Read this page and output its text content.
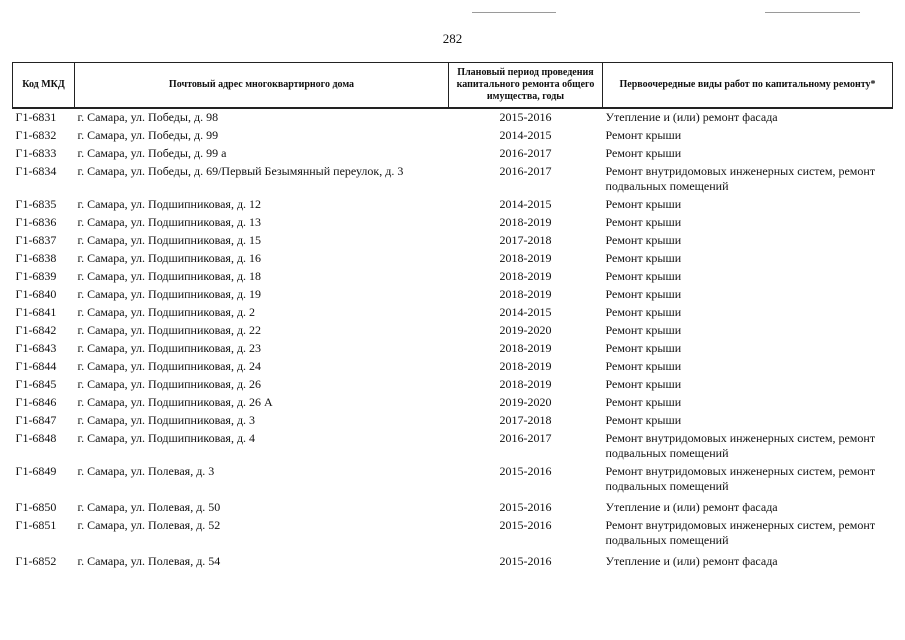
282
Код МКД	Почтовый адрес многоквартирного дома	Плановый период проведения капитального ремонта общего имущества, годы	Первоочередные виды работ по капитальному ремонту*
Г1-6831	г. Самара, ул. Победы, д. 98	2015-2016	Утепление и (или) ремонт фасада
Г1-6832	г. Самара, ул. Победы, д. 99	2014-2015	Ремонт крыши
Г1-6833	г. Самара, ул. Победы, д. 99 а	2016-2017	Ремонт крыши
Г1-6834	г. Самара, ул. Победы, д. 69/Первый Безымянный переулок, д. 3	2016-2017	Ремонт внутридомовых инженерных систем, ремонт подвальных помещений
Г1-6835	г. Самара, ул. Подшипниковая, д. 12	2014-2015	Ремонт крыши
Г1-6836	г. Самара, ул. Подшипниковая, д. 13	2018-2019	Ремонт крыши
Г1-6837	г. Самара, ул. Подшипниковая, д. 15	2017-2018	Ремонт крыши
Г1-6838	г. Самара, ул. Подшипниковая, д. 16	2018-2019	Ремонт крыши
Г1-6839	г. Самара, ул. Подшипниковая, д. 18	2018-2019	Ремонт крыши
Г1-6840	г. Самара, ул. Подшипниковая, д. 19	2018-2019	Ремонт крыши
Г1-6841	г. Самара, ул. Подшипниковая, д. 2	2014-2015	Ремонт крыши
Г1-6842	г. Самара, ул. Подшипниковая, д. 22	2019-2020	Ремонт крыши
Г1-6843	г. Самара, ул. Подшипниковая, д. 23	2018-2019	Ремонт крыши
Г1-6844	г. Самара, ул. Подшипниковая, д. 24	2018-2019	Ремонт крыши
Г1-6845	г. Самара, ул. Подшипниковая, д. 26	2018-2019	Ремонт крыши
Г1-6846	г. Самара, ул. Подшипниковая, д. 26 А	2019-2020	Ремонт крыши
Г1-6847	г. Самара, ул. Подшипниковая, д. 3	2017-2018	Ремонт крыши
Г1-6848	г. Самара, ул. Подшипниковая, д. 4	2016-2017	Ремонт внутридомовых инженерных систем, ремонт подвальных помещений
Г1-6849	г. Самара, ул. Полевая, д. 3	2015-2016	Ремонт внутридомовых инженерных систем, ремонт подвальных помещений
Г1-6850	г. Самара, ул. Полевая, д. 50	2015-2016	Утепление и (или) ремонт фасада
Г1-6851	г. Самара, ул. Полевая, д. 52	2015-2016	Ремонт внутридомовых инженерных систем, ремонт подвальных помещений
Г1-6852	г. Самара, ул. Полевая, д. 54	2015-2016	Утепление и (или) ремонт фасада
